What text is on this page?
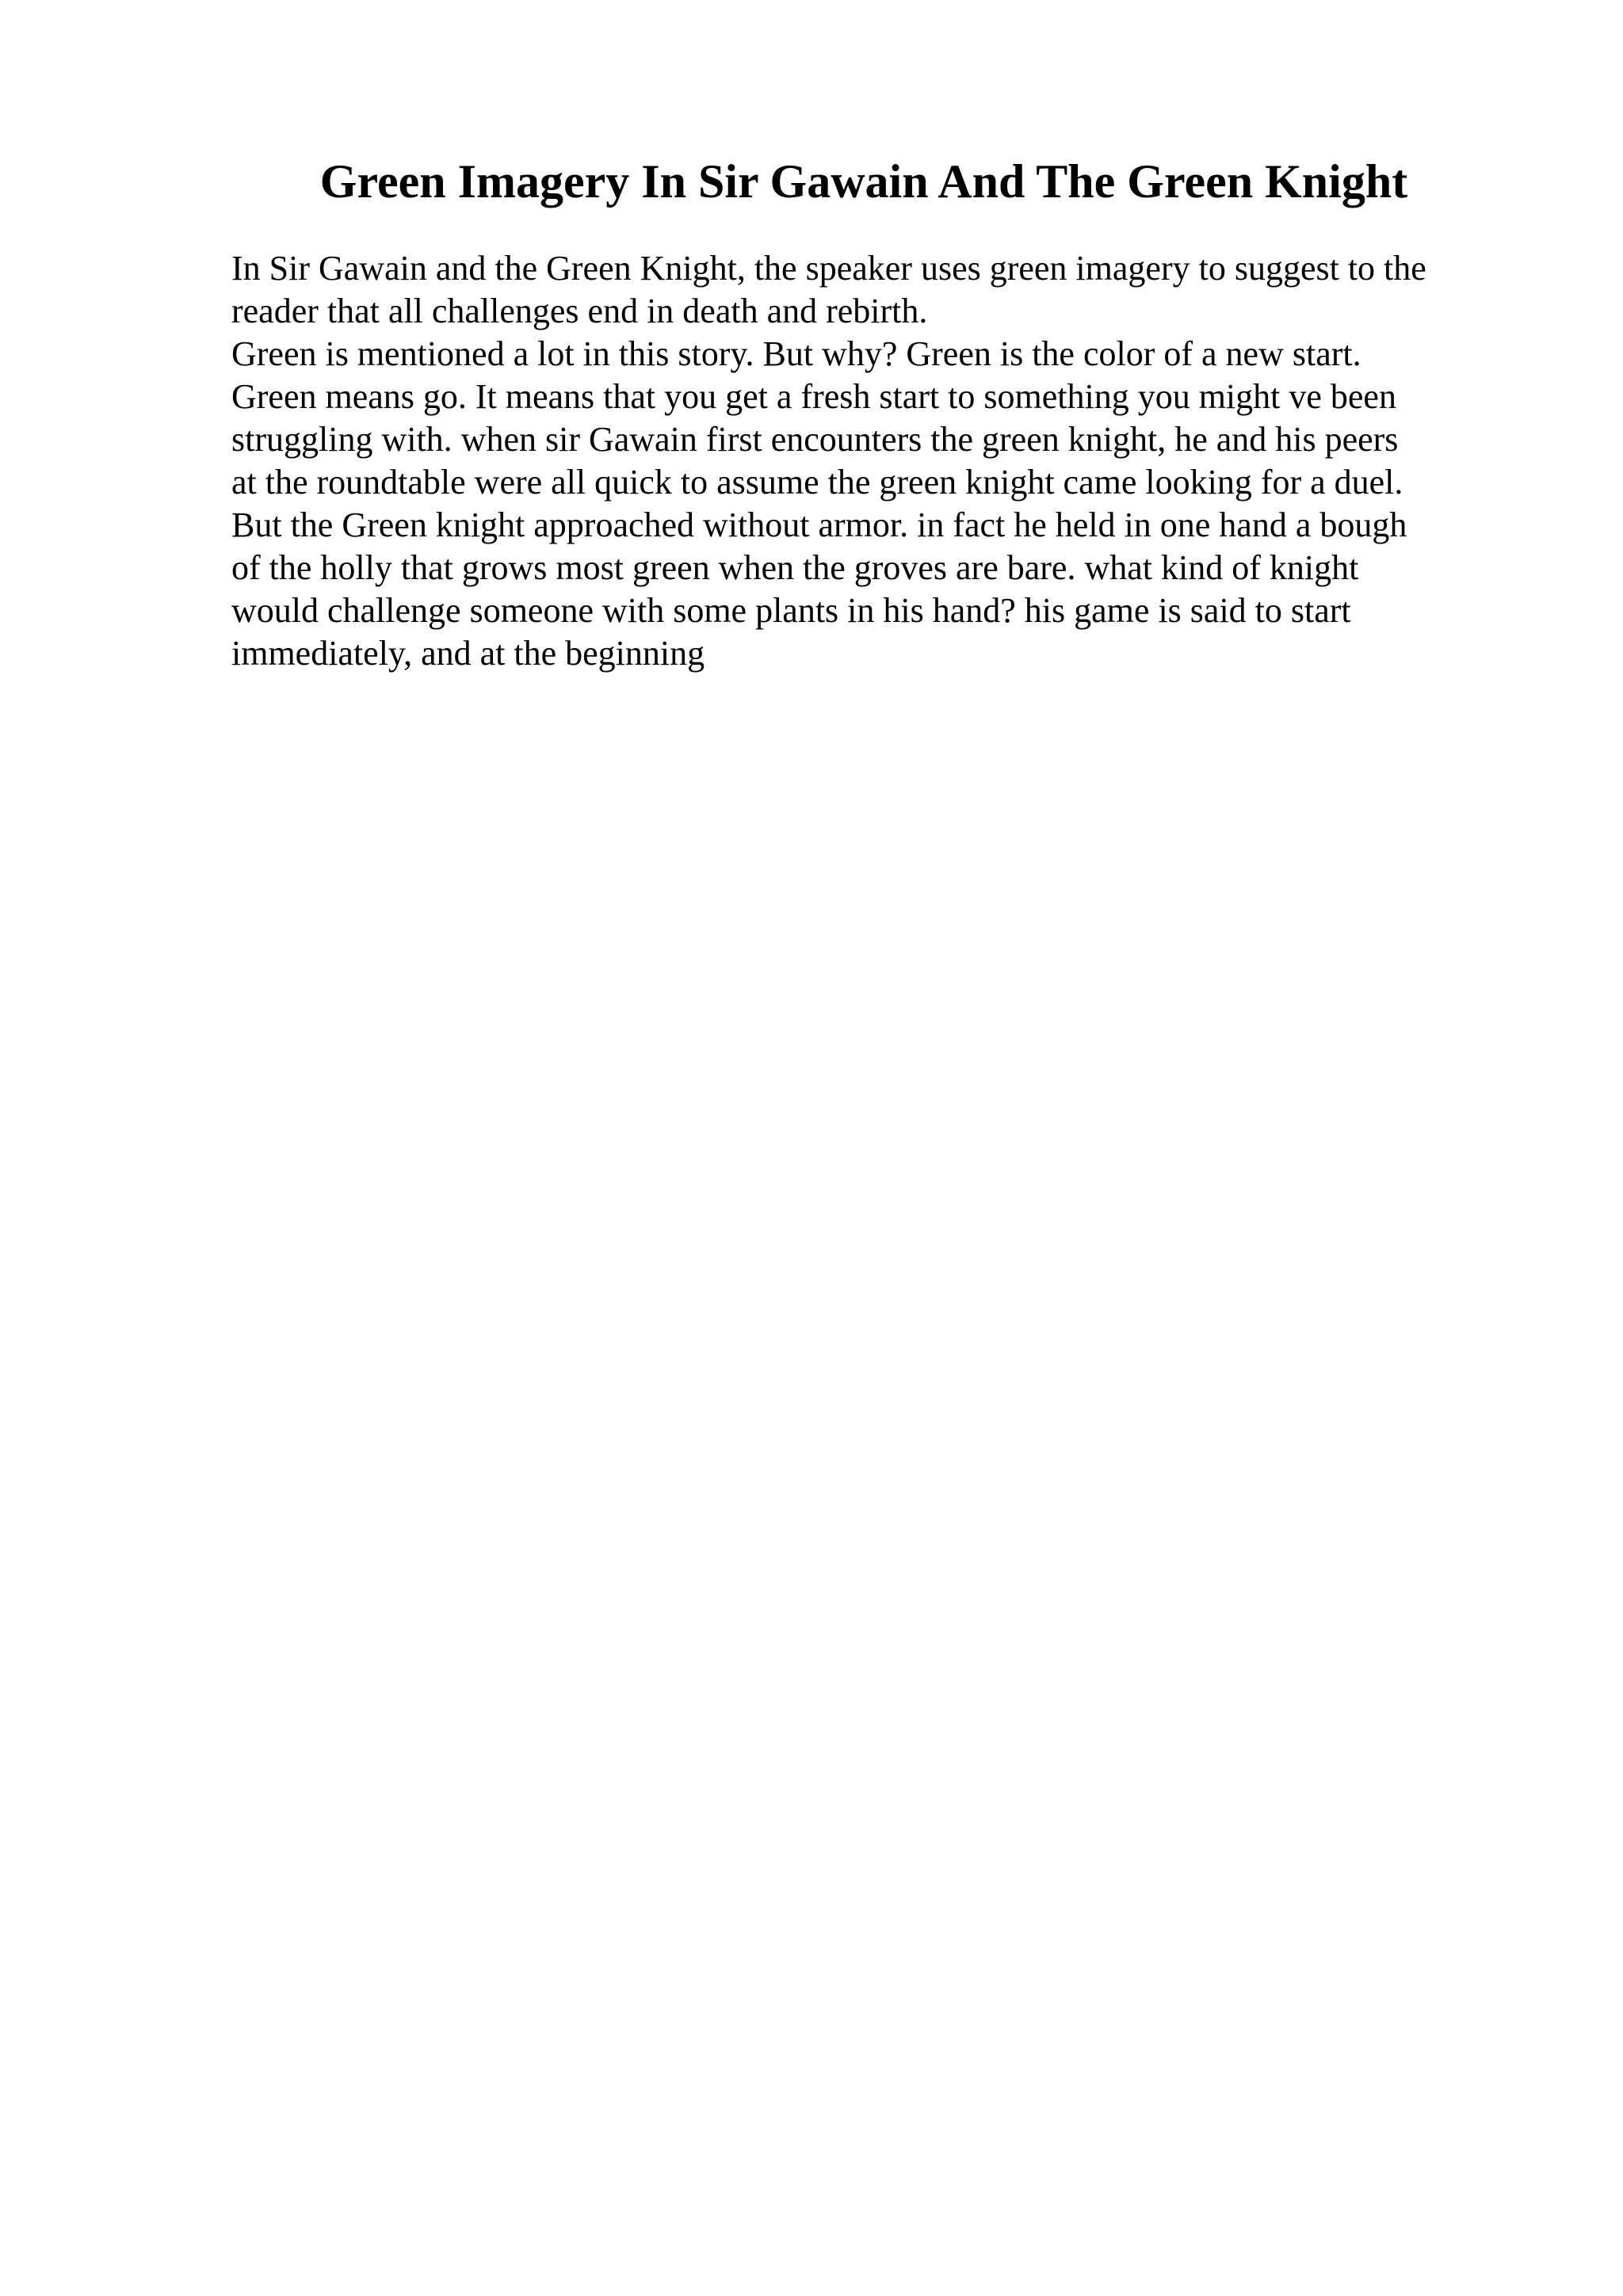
Green Imagery In Sir Gawain And The Green Knight
In Sir Gawain and the Green Knight, the speaker uses green imagery to suggest to the
reader that all challenges end in death and rebirth.
Green is mentioned a lot in this story. But why? Green is the color of a new start.
Green means go. It means that you get a fresh start to something you might ve been
struggling with. when sir Gawain first encounters the green knight, he and his peers
at the roundtable were all quick to assume the green knight came looking for a duel.
But the Green knight approached without armor. in fact he held in one hand a bough
of the holly that grows most green when the groves are bare. what kind of knight
would challenge someone with some plants in his hand? his game is said to start
immediately, and at the beginning
